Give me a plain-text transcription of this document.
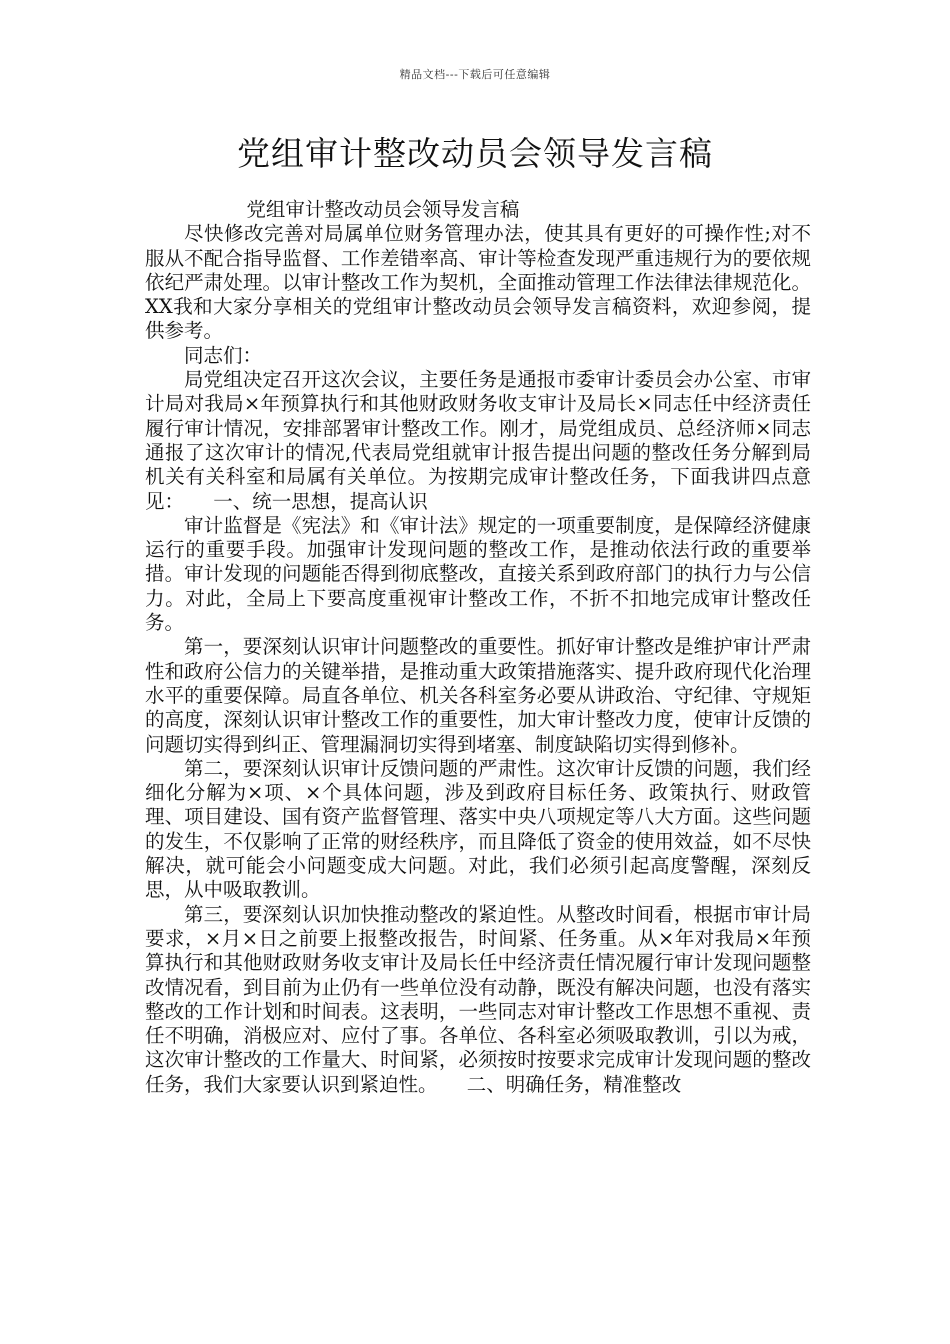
精品文档---下载后可任意编辑
党组审计整改动员会领导发言稿

党组审计整改动员会领导发言稿

尽快修改完善对局属单位财务管理办法，使其具有更好的可操作性;对不服从不配合指导监督、工作差错率高、审计等检查发现严重违规行为的要依规依纪严肃处理。以审计整改工作为契机，全面推动管理工作法律法律规范化。XX我和大家分享相关的党组审计整改动员会领导发言稿资料，欢迎参阅，提供参考。

同志们：

局党组决定召开这次会议，主要任务是通报市委审计委员会办公室、市审计局对我局×年预算执行和其他财政财务收支审计及局长×同志任中经济责任履行审计情况，安排部署审计整改工作。刚才，局党组成员、总经济师×同志通报了这次审计的情况,代表局党组就审计报告提出问题的整改任务分解到局机关有关科室和局属有关单位。为按期完成审计整改任务，下面我讲四点意见：　　一、统一思想，提高认识

审计监督是《宪法》和《审计法》规定的一项重要制度，是保障经济健康运行的重要手段。加强审计发现问题的整改工作，是推动依法行政的重要举措。审计发现的问题能否得到彻底整改，直接关系到政府部门的执行力与公信力。对此，全局上下要高度重视审计整改工作，不折不扣地完成审计整改任务。

第一，要深刻认识审计问题整改的重要性。抓好审计整改是维护审计严肃性和政府公信力的关键举措，是推动重大政策措施落实、提升政府现代化治理水平的重要保障。局直各单位、机关各科室务必要从讲政治、守纪律、守规矩的高度，深刻认识审计整改工作的重要性，加大审计整改力度，使审计反馈的问题切实得到纠正、管理漏洞切实得到堵塞、制度缺陷切实得到修补。

第二，要深刻认识审计反馈问题的严肃性。这次审计反馈的问题，我们经细化分解为×项、×个具体问题，涉及到政府目标任务、政策执行、财政管理、项目建设、国有资产监督管理、落实中央八项规定等八大方面。这些问题的发生，不仅影响了正常的财经秩序，而且降低了资金的使用效益，如不尽快解决，就可能会小问题变成大问题。对此，我们必须引起高度警醒，深刻反思，从中吸取教训。

第三，要深刻认识加快推动整改的紧迫性。从整改时间看，根据市审计局要求，×月×日之前要上报整改报告，时间紧、任务重。从×年对我局×年预算执行和其他财政财务收支审计及局长任中经济责任情况履行审计发现问题整改情况看，到目前为止仍有一些单位没有动静，既没有解决问题，也没有落实整改的工作计划和时间表。这表明，一些同志对审计整改工作思想不重视、责任不明确，消极应对、应付了事。各单位、各科室必须吸取教训，引以为戒，这次审计整改的工作量大、时间紧，必须按时按要求完成审计发现问题的整改任务，我们大家要认识到紧迫性。　　二、明确任务，精准整改
